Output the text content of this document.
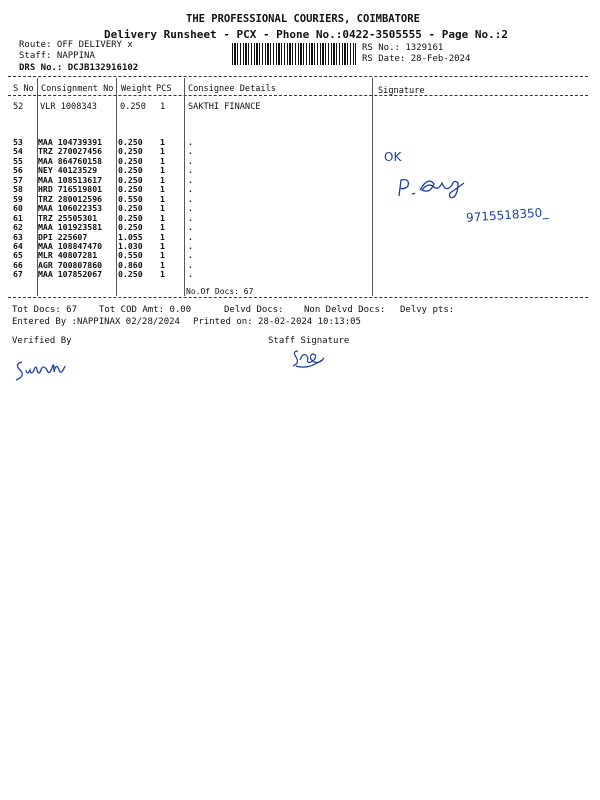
THE PROFESSIONAL COURIERS, COIMBATORE
Delivery Runsheet - PCX - Phone No.:0422-3505555 - Page No.:2
Route: OFF DELIVERY x
Staff: NAPPINA
DRS No.: DCJB132916102
RS No.: 1329161
RS Date: 28-Feb-2024
S No Consignment No Weight PCS Consignee Details	Signature
52 VLR 1008343	0.250 1	SAKTHI FINANCE
53 MAA 104739391 0.250 1	.
54 TRZ 270027456 0.250 1	.
55 MAA 864760158 0.250 1	.
56 NEY 40123529	0.250 1	.
57 MAA 108513617 0.250 1	.
58 HRD 716519801 0.250 1	.
59 TRZ 280012596 0.550 1	.
60 MAA 106022353 0.250 1	.
61 TRZ 25505301	0.250 1	.
62 MAA 101923581 0.250 1	.
63 DPI 225607	1.055 1	.
64 MAA 108847470 1.030 1	.
65 MLR 40807281	0.550 1	.
66 AGR 700807860 0.860 1	.
67 MAA 107852067 0.250 1	.
No.Of Docs: 67
Tot Docs: 67 Tot COD Amt: 0.00	Delvd Docs: Non Delvd Docs: Delvy pts:
Entered By :NAPPINAX 02/28/2024 Printed on: 28-02-2024 10:13:05
Verified By	Staff Signature
OK
9715518350_
